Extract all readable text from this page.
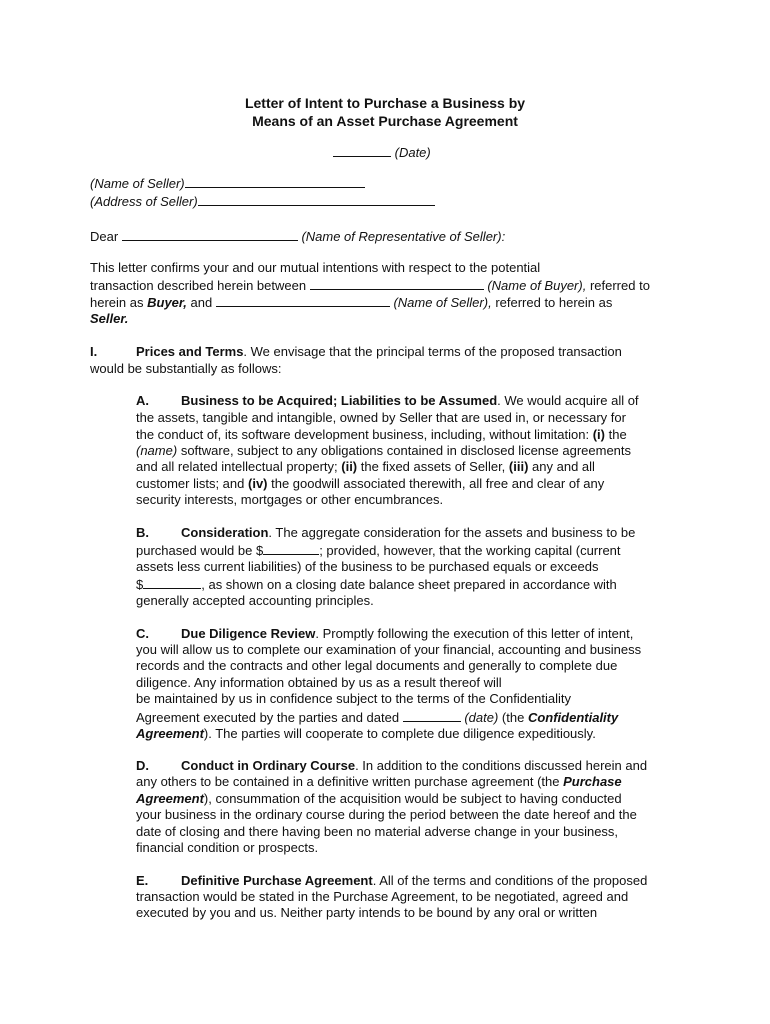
Letter of Intent to Purchase a Business by
Means of an Asset Purchase Agreement
(Date)
(Name of Seller)
(Address of Seller)
Dear	(Name of Representative of Seller):
This letter confirms your and our mutual intentions with respect to the potential
transaction described herein between	(Name of Buyer), referred to
herein as Buyer, and	(Name of Seller), referred to herein as
Seller.
I.	Prices and Terms. We envisage that the principal terms of the proposed transaction
would be substantially as follows:
A. Business to be Acquired; Liabilities to be Assumed. We would acquire all of
the assets, tangible and intangible, owned by Seller that are used in, or necessary for
the conduct of, its software development business, including, without limitation: (i) the
(name) software, subject to any obligations contained in disclosed license agreements
and all related intellectual property; (ii) the fixed assets of Seller, (iii) any and all
customer lists; and (iv) the goodwill associated therewith, all free and clear of any
security interests, mortgages or other encumbrances.
B. Consideration. The aggregate consideration for the assets and business to be
purchased would be $	; provided, however, that the working capital (current
assets less current liabilities) of the business to be purchased equals or exceeds
$	, as shown on a closing date balance sheet prepared in accordance with
generally accepted accounting principles.
C. Due Diligence Review. Promptly following the execution of this letter of intent,
you will allow us to complete our examination of your financial, accounting and business
records and the contracts and other legal documents and generally to complete due
diligence. Any information obtained by us as a result thereof will
be maintained by us in confidence subject to the terms of the Confidentiality
Agreement executed by the parties and dated	(date) (the Confidentiality
Agreement). The parties will cooperate to complete due diligence expeditiously.
D. Conduct in Ordinary Course. In addition to the conditions discussed herein and
any others to be contained in a definitive written purchase agreement (the Purchase
Agreement), consummation of the acquisition would be subject to having conducted
your business in the ordinary course during the period between the date hereof and the
date of closing and there having been no material adverse change in your business,
financial condition or prospects.
E.	Definitive Purchase Agreement. All of the terms and conditions of the proposed
transaction would be stated in the Purchase Agreement, to be negotiated, agreed and
executed by you and us. Neither party intends to be bound by any oral or written
